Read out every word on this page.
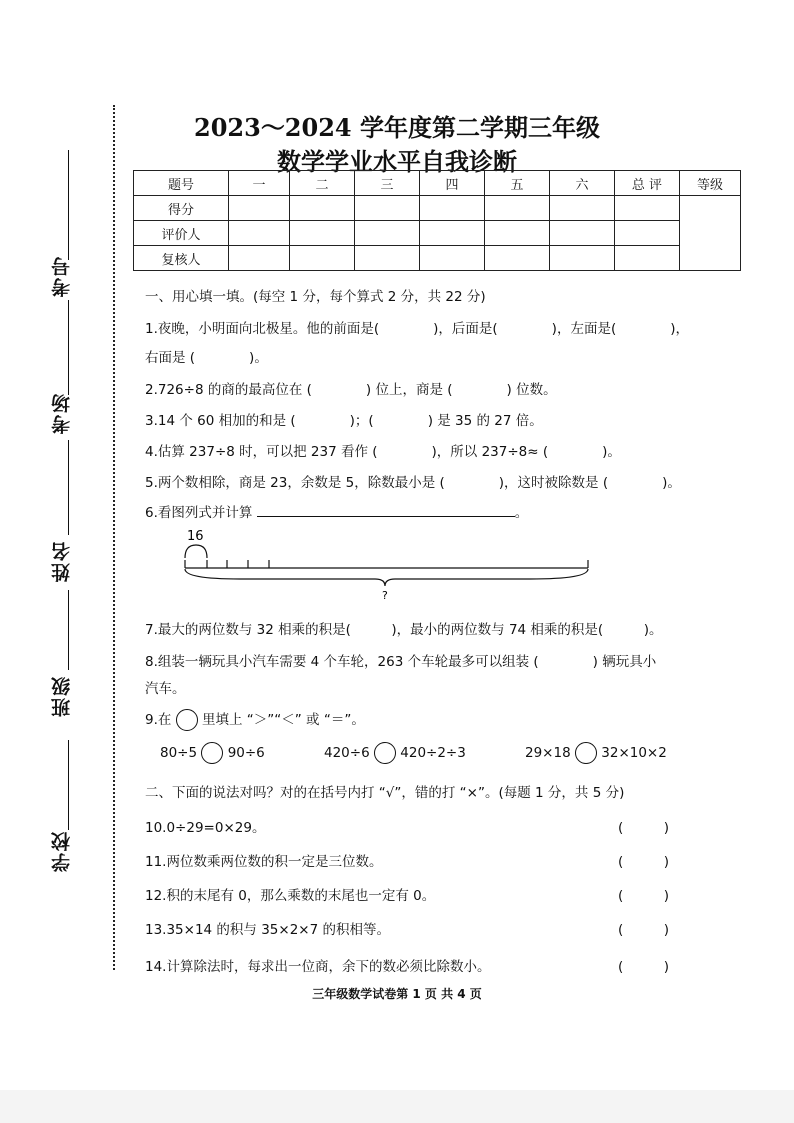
考号
考场
姓名
班级
学校
2023～2024 学年度第二学期三年级
数学学业水平自我诊断
题号	一	二	三	四	五	六	总 评	等级
得分								
评价人								
复核人								
一、用心填一填。(每空 1 分，每个算式 2 分，共 22 分)
1.夜晚，小明面向北极星。他的前面是(　　　　)，后面是(　　　　)，左面是(　　　　)，
右面是 (　　　　)。
2.726÷8 的商的最高位在 (　　　　) 位上，商是 (　　　　) 位数。
3.14 个 60 相加的和是 (　　　　)；(　　　　) 是 35 的 27 倍。
4.估算 237÷8 时，可以把 237 看作 (　　　　)，所以 237÷8≈ (　　　　)。
5.两个数相除，商是 23，余数是 5，除数最小是 (　　　　)，这时被除数是 (　　　　)。
6.看图列式并计算	。
16
?
7.最大的两位数与 32 相乘的积是(　　　)，最小的两位数与 74 相乘的积是(　　　)。
8.组装一辆玩具小汽车需要 4 个车轮，263 个车轮最多可以组装 (　　　　) 辆玩具小
汽车。
9.在 里填上 “＞”“＜” 或 “＝”。
80÷5 90÷6	420÷6 420÷2÷3	29×18 32×10×2
二、下面的说法对吗？对的在括号内打 “√”，错的打 “×”。(每题 1 分，共 5 分)
10.0÷29=0×29。	(　　　)
11.两位数乘两位数的积一定是三位数。	(　　　)
12.积的末尾有 0，那么乘数的末尾也一定有 0。	(　　　)
13.35×14 的积与 35×2×7 的积相等。	(　　　)
14.计算除法时，每求出一位商，余下的数必须比除数小。	(　　　)
三年级数学试卷第 1 页 共 4 页
